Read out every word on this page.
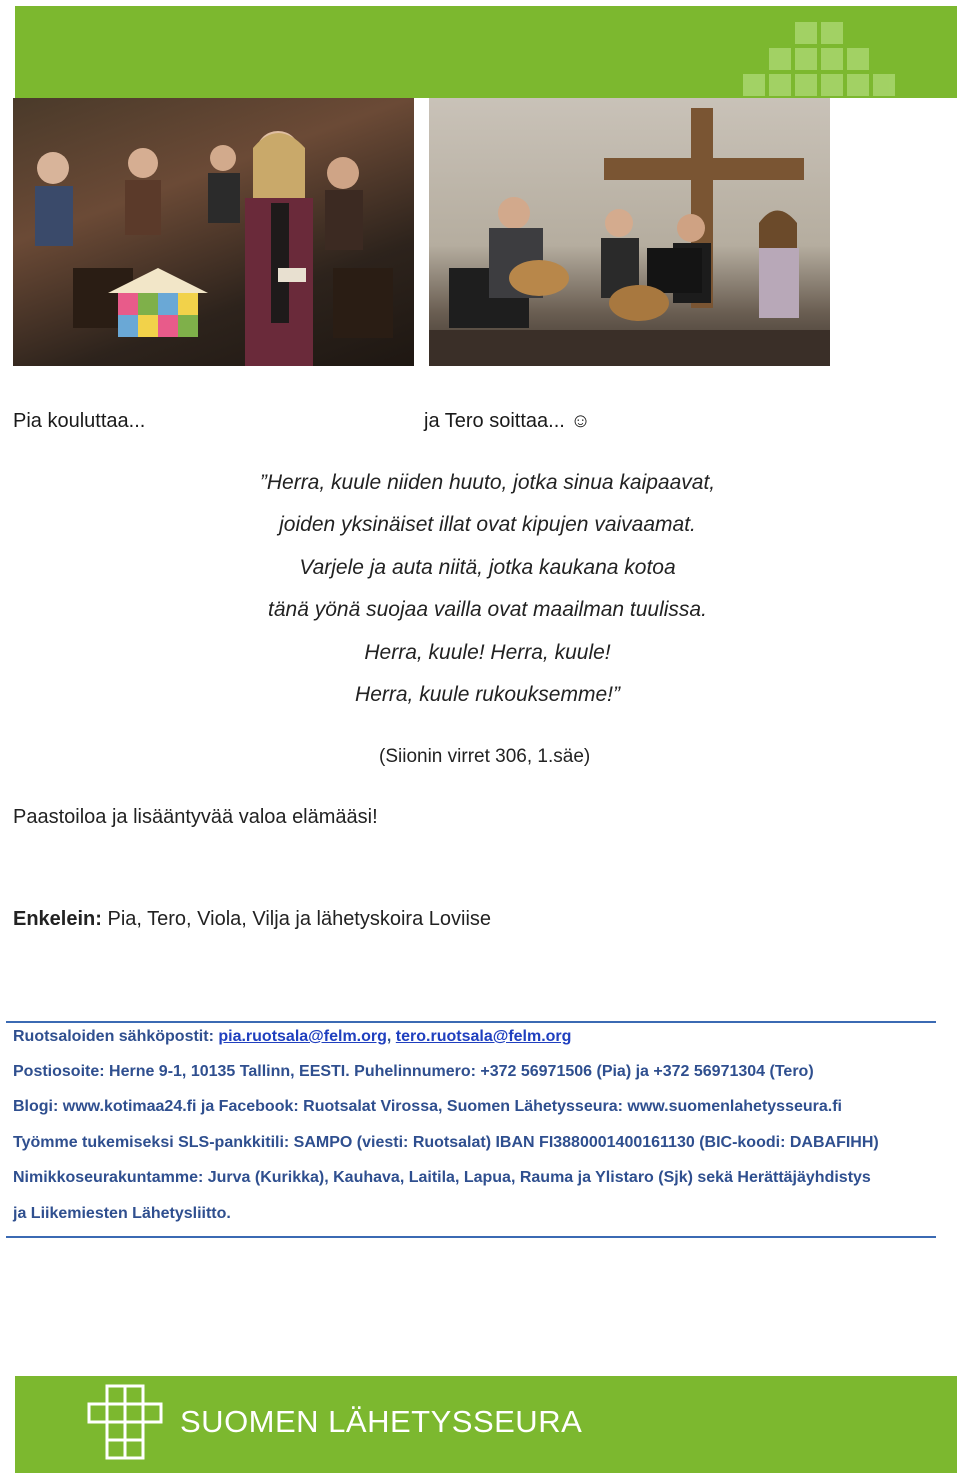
Pia kouluttaa...	ja Tero soittaa... ☺
”Herra, kuule niiden huuto, jotka sinua kaipaavat,
joiden yksinäiset illat ovat kipujen vaivaamat.
Varjele ja auta niitä, jotka kaukana kotoa
tänä yönä suojaa vailla ovat maailman tuulissa.
Herra, kuule! Herra, kuule!
Herra, kuule rukouksemme!”
(Siionin virret 306, 1.säe)
Paastoiloa ja lisääntyvää valoa elämääsi!
Enkelein: Pia, Tero, Viola, Vilja ja lähetyskoira Loviise
Ruotsaloiden sähköpostit: pia.ruotsala@felm.org, tero.ruotsala@felm.org
Postiosoite: Herne 9-1, 10135 Tallinn, EESTI. Puhelinnumero: +372 56971506 (Pia) ja +372 56971304 (Tero)
Blogi: www.kotimaa24.fi ja Facebook: Ruotsalat Virossa, Suomen Lähetysseura: www.suomenlahetysseura.fi
Työmme tukemiseksi SLS-pankkitili: SAMPO (viesti: Ruotsalat) IBAN FI3880001400161130 (BIC-koodi: DABAFIHH)
Nimikkoseurakuntamme: Jurva (Kurikka), Kauhava, Laitila, Lapua, Rauma ja Ylistaro (Sjk) sekä Herättäjäyhdistys
ja Liikemiesten Lähetysliitto.
SUOMEN LÄHETYSSEURA
